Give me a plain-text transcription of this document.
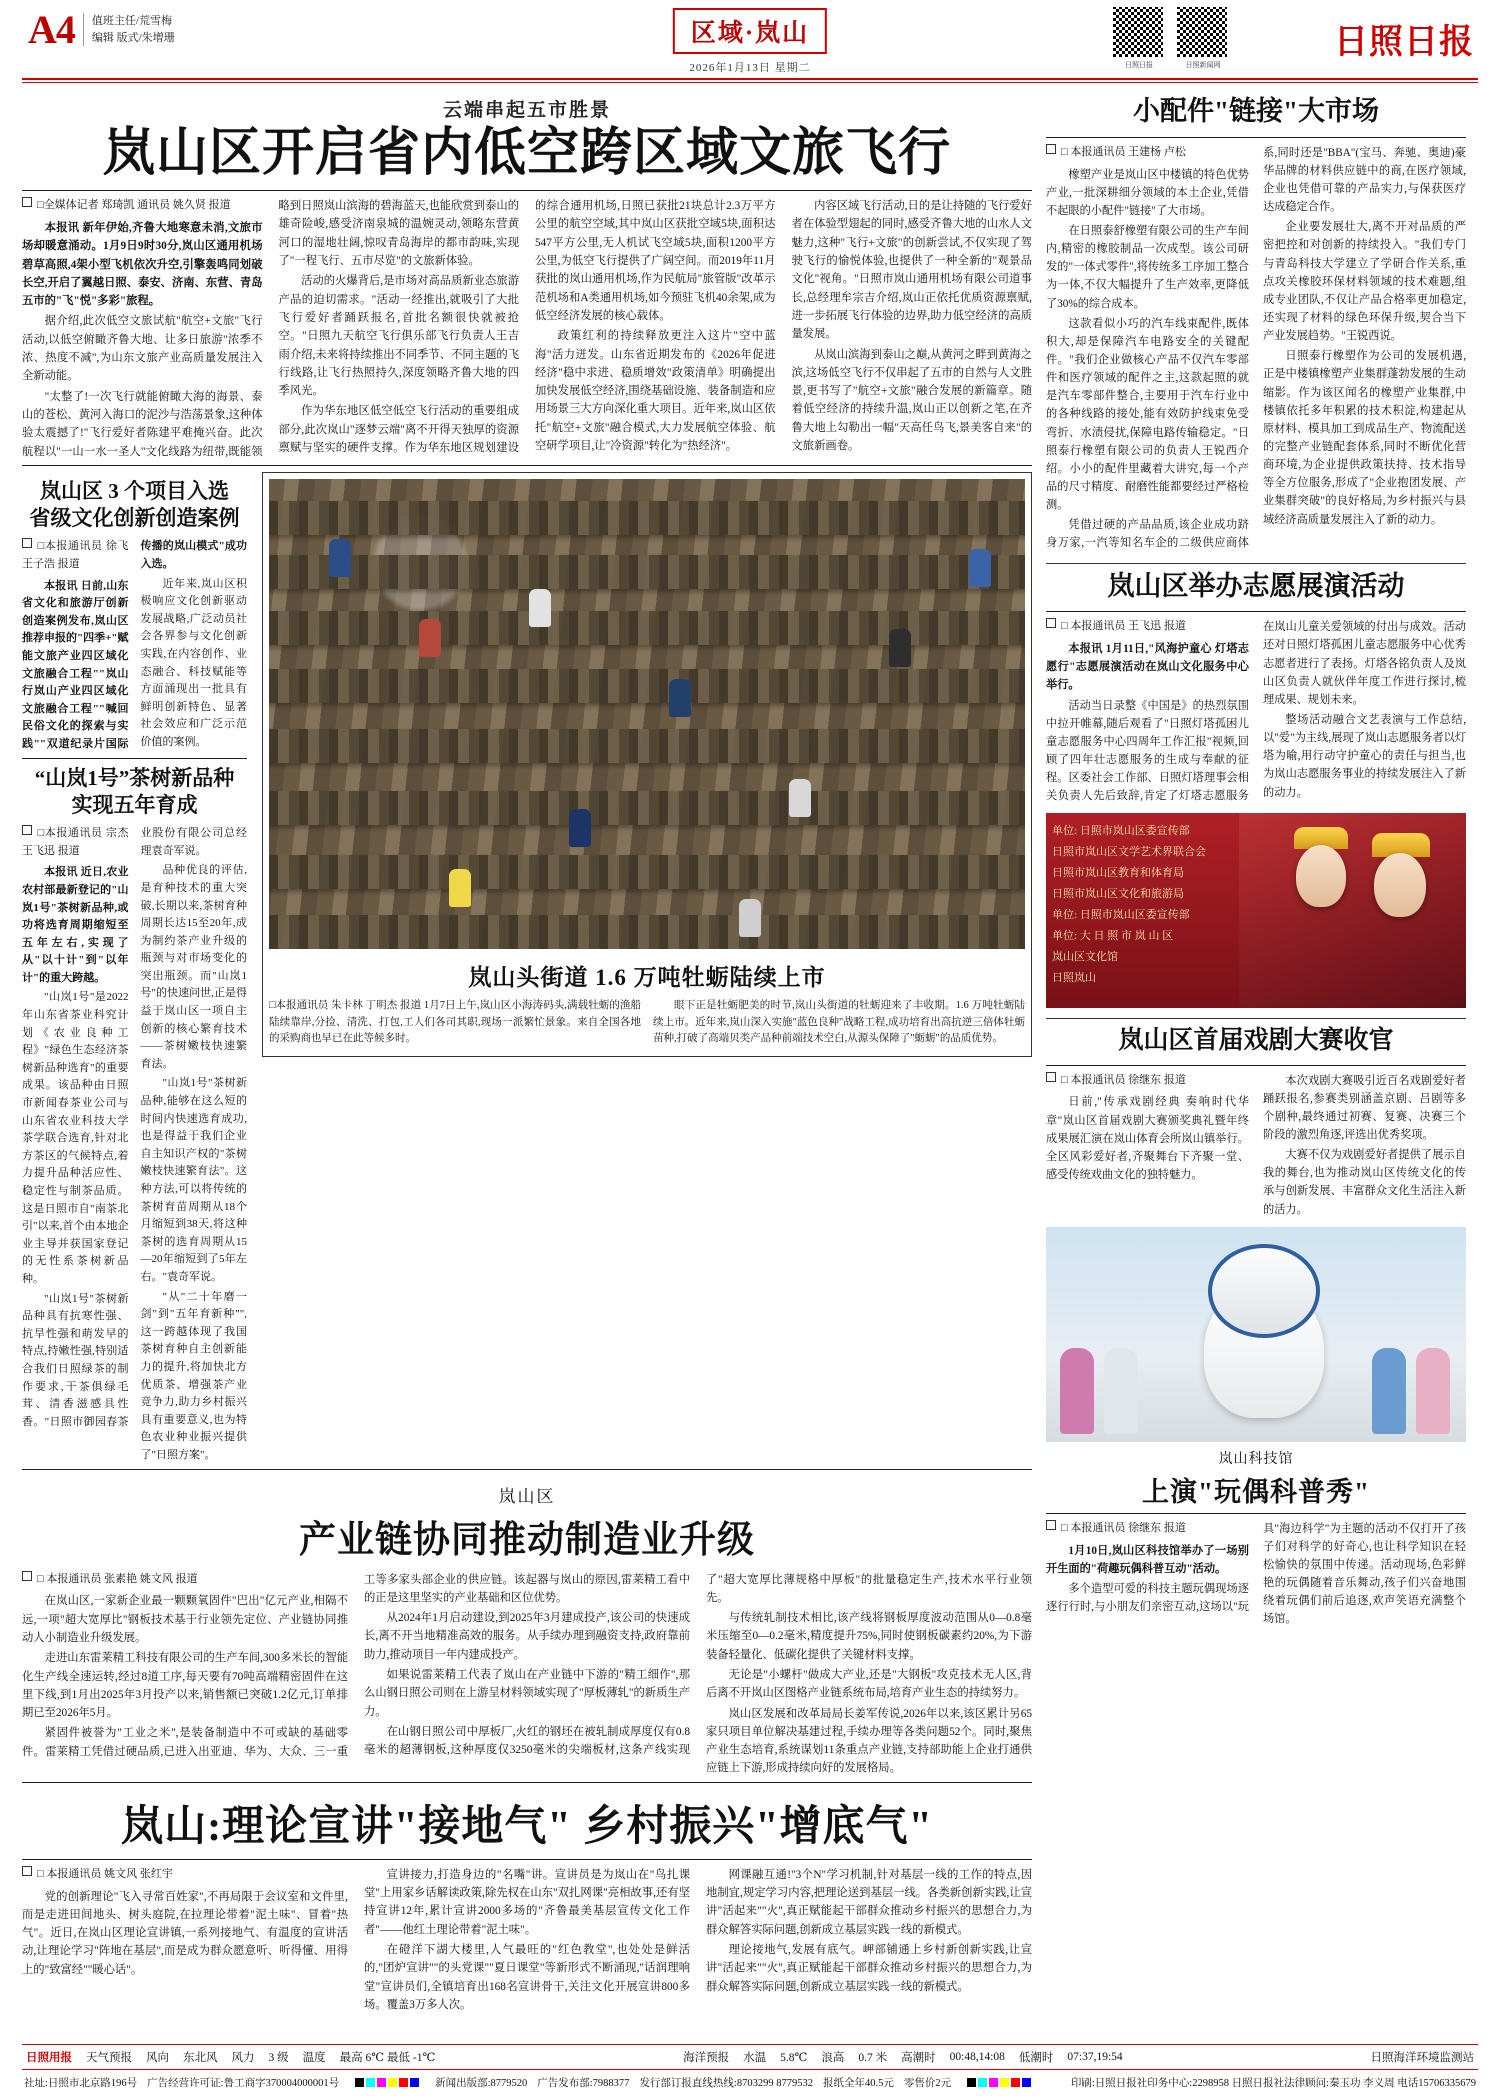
A4 值班主任/荒雪梅
编辑 版式/朱增珊	区域·岚山
2026年1月13日 星期二	日照日报	日照新闻网
日照日报
云端串起五市胜景
岚山区开启省内低空跨区域文旅飞行
□全媒体记者 郑琦凯 通讯员 姚久贤 报道

本报讯 新年伊始,齐鲁大地寒意未消,文旅市场却暖意涌动。1月9日9时30分,岚山区通用机场碧草高照,4架小型飞机依次升空,引擎轰鸣同划破长空,开启了翼越日照、泰安、济南、东营、青岛五市的"飞"悦"多彩"旅程。

据介绍,此次低空文旅试航"航空+文旅"飞行活动,以低空俯瞰齐鲁大地、让多日旅游"浓季不浓、热度不减",为山东文旅产业高质量发展注入全新动能。

"太整了!一次飞行就能俯瞰大海的海景、泰山的苍松、黄河入海口的泥沙与浩荡景象,这种体验太震撼了!"飞行爱好者陈建平难掩兴奋。此次航程以"一山一水一圣人"文化线路为纽带,既能领略到日照岚山滨海的碧海蓝天,也能欣赏到泰山的雄奇险峻,感受济南泉城的温婉灵动,领略东营黄河口的湿地壮阔,惊叹青岛海岸的都市韵味,实现了"一程飞行、五市尽览"的文旅新体验。

活动的火爆背后,是市场对高品质新业态旅游产品的迫切需求。"活动一经推出,就吸引了大批飞行爱好者踊跃报名,首批名额很快就被抢空。"日照九天航空飞行俱乐部飞行负责人王吉雨介绍,未来将持续推出不同季节、不同主题的飞行线路,让飞行热照持久,深度领略齐鲁大地的四季风光。

作为华东地区低空低空飞行活动的重要组成部分,此次岚山"逐梦云端"离不开得天独厚的资源禀赋与坚实的硬件支撑。作为华东地区规划建设的综合通用机场,日照已获批21块总计2.3万平方公里的航空空域,其中岚山区获批空域5块,面积达547平方公里,无人机试飞空域5块,面积1200平方公里,为低空飞行提供了广阔空间。而2019年11月获批的岚山通用机场,作为民航局"旅管版"改革示范机场和A类通用机场,如今预驻飞机40余架,成为低空经济发展的核心载体。

政策红利的持续释放更注入这片"空中蓝海"活力迸发。山东省近期发布的《2026年促进经济"稳中求进、稳质增效"政策清单》明确提出加快发展低空经济,围绕基础设施、装备制造和应用场景三大方向深化重大项目。近年来,岚山区依托"航空+文旅"融合模式,大力发展航空体验、航空研学项目,让"冷资源"转化为"热经济"。

内容区域飞行活动,日的是让持随的飞行爱好者在体验型翅起的同时,感受齐鲁大地的山水人文魅力,这种"飞行+文旅"的创新尝试,不仅实现了驾驶飞行的愉悦体验,也提供了一种全新的"观景品文化"视角。"日照市岚山通用机场有限公司道事长,总经理牟宗吉介绍,岚山正依托优质资源禀赋,进一步拓展飞行体验的边界,助力低空经济的高质量发展。

从岚山滨海到泰山之巅,从黄河之畔到黄海之滨,这场低空飞行不仅串起了五市的自然与人文胜景,更书写了"航空+文旅"融合发展的新篇章。随着低空经济的持续升温,岚山正以创新之笔,在齐鲁大地上勾勒出一幅"天高任鸟飞,景美客自来"的文旅新画卷。

岚山区 3 个项目入选
省级文化创新创造案例
□本报通讯员 徐飞 王子浩 报道

本报讯 日前,山东省文化和旅游厅创新创造案例发布,岚山区推荐申报的"四季+"赋能文旅产业四区域化文旅融合工程""岚山行岚山产业四区域化文旅融合工程""喊回民俗文化的探索与实践""双道纪录片国际传播的岚山模式"成功入选。

近年来,岚山区积极响应文化创新驱动发展战略,广泛动员社会各界参与文化创新实践,在内容创作、业态融合、科技赋能等方面涌现出一批具有鲜明创新特色、显著社会效应和广泛示范价值的案例。

“山岚1号”茶树新品种
实现五年育成
□本报通讯员 宗杰 王飞迅 报道

本报讯 近日,农业农村部最新登记的"山岚1号"茶树新品种,或功将选育周期缩短至五年左右,实现了从"以十计"到"以年计"的重大跨越。

"山岚1号"是2022年山东省茶业科究计划《农业良种工程》"绿色生态经济茶树新品种选育"的重要成果。该品种由日照市新闻春茶业公司与山东省农业科技大学茶学联合选育,针对北方茶区的气候特点,着力提升品种活应性、稳定性与制茶品质。这是日照市自"南茶北引"以来,首个由本地企业主导并获国家登记的无性系茶树新品种。

"山岚1号"茶树新品种具有抗寒性强、抗旱性强和萌发早的特点,持嫩性强,特别适合我们日照绿茶的制作要求,干茶俱绿毛茸、清香滋感具性香。"日照市御园春茶业股份有限公司总经理袁奇军说。

品种优良的评估,是育种技术的重大突破,长期以来,茶树育种周期长达15至20年,成为制约茶产业升级的瓶颈与对市场变化的突出瓶颈。而"山岚1号"的快速问世,正是得益于岚山区一项自主创新的核心繁育技术——茶树嫩枝快速繁育法。

"山岚1号"茶树新品种,能够在这么短的时间内快速选育成功,也是得益于我们企业自主知识产权的"茶树嫩枝快速繁育法"。这种方法,可以将传统的茶树育苗周期从18个月缩短到38天,将这种茶树的选育周期从15—20年缩短到了5年左右。"袁奇军说。

"从"二十年磨一剑"到"五年育新种"",这一跨越体现了我国茶树育种自主创新能力的提升,将加快北方优质茶、增强茶产业竞争力,助力乡村振兴具有重要意义,也为特色农业种业振兴提供了"日照方案"。

岚山头街道 1.6 万吨牡蛎陆续上市

□本报通讯员 朱卡林 丁明杰 报道 1月7日上午,岚山区小海涛码头,满载牡蛎的渔船陆续靠岸,分捡、清洗、打包,工人们各司其职,现场一派繁忙景象。来自全国各地的采购商也早已在此等候多时。

眼下正是牡蛎肥美的时节,岚山头街道的牡蛎迎来了丰收期。1.6 万吨牡蛎陆续上市。近年来,岚山深入实施"蓝色良种"战略工程,成功培育出高抗逆三倍体牡蛎苗种,打破了高端贝类产品种前端技术空白,从源头保障了"蛎蛎"的品质优势。

岚山区
产业链协同推动制造业升级
□ 本报通讯员 张素艳 姚文风 报道

在岚山区,一家新企业最一颗颗氧固件"巴出"亿元产业,相隔不远,一项"超大宽厚比"钢板技术基于行业领先定位、产业链协同推动人小制造业升级发展。

走进山东雷莱精工科技有限公司的生产车间,300多米长的智能化生产线全速运转,经过8道工序,每天要有70吨高端精密固件在这里下线,到1月出2025年3月投产以来,销售额已突破1.2亿元,订单排期已至2026年5月。

紧固件被誉为"工业之米",是装备制造中不可或缺的基础零件。雷莱精工凭借过硬品质,已进入出亚迪、华为、大众、三一重工等多家头部企业的供应链。该起器与岚山的原因,雷莱精工看中的正是这里坚实的产业基础和区位优势。

从2024年1月启动建设,到2025年3月建成投产,该公司的快速成长,离不开当地精准高效的服务。从手续办理到融资支持,政府靠前助力,推动项目一年内建成投产。

如果说雷莱精工代表了岚山在产业链中下游的"精工细作",那么山钢日照公司则在上游呈材料领域实现了"厚板薄轧"的新质生产力。

在山钢日照公司中厚板厂,火红的钢坯在被轧制成厚度仅有0.8毫米的超薄钢板,这种厚度仅3250毫米的尖端板材,这条产线实现了"超大宽厚比薄规格中厚板"的批量稳定生产,技术水平行业领先。

与传统轧制技术相比,该产线将钢板厚度波动范围从0—0.8毫米压缩至0—0.2毫米,精度提升75%,同时使钢板碳素约20%,为下游装备轻量化、低碳化提供了关键材料支撑。

无论是"小螺杆"做成大产业,还是"大钢板"攻克技术无人区,背后离不开岚山区图格产业链系统布局,培育产业生态的持续努力。

岚山区发展和改革局局长姜军传说,2026年以来,该区累计另65家只项目单位解决基建过程,手续办理等各类问题52个。同时,聚焦产业生态培育,系统谋划11条重点产业链,支持部助能上企业打通供应链上下游,形成持续向好的发展格局。

岚山:理论宣讲"接地气" 乡村振兴"增底气"
□ 本报通讯员 姚文风 张红宇

党的创新理论"飞入寻常百姓家",不再局限于会议室和文件里,而是走进田间地头、树头庭院,在拉理论带着"泥土味"、冒着"热气"。近日,在岚山区理论宣讲镇,一系列接地气、有温度的宣讲活动,让理论学习"阵地在基层",而是成为群众愿意听、听得懂、用得上的"致富经""暖心话"。

宣讲接力,打造身边的"名嘴"讲。宣讲员是为岚山在"鸟扎课堂"上用家乡话解读政策,除先权在山东"双扎网课"亮相故事,还有坚持宣讲12年,累计宣讲2000多场的"齐鲁最美基层宣传文化工作者"——他红土理论带着"泥土味"。

在磴洋下湖大楼里,人气最旺的"红色教堂",也处处是鲜活的,"团炉宣讲""的头党课""夏日课堂"等新形式不断涌现,"话润理响堂"宣讲员们,全镇培育出168名宣讲骨干,关注文化开展宣讲800多场。覆盖3万多人次。

网课融互通!"3个N"学习机制,针对基层一线的工作的特点,因地制宜,规定学习内容,把理论送到基层一线。各类新创新实践,让宣讲"活起来""火",真正赋能起干部群众推动乡村振兴的思想合力,为群众解答实际问题,创新成立基层实践一线的新模式。

理论接地气,发展有底气。岬部铺通上乡村新创新实践,让宣讲"活起来""火",真正赋能起干部群众推动乡村振兴的思想合力,为群众解答实际问题,创新成立基层实践一线的新模式。

小配件"链接"大市场
□ 本报通讯员 王建杨 卢松

橡塑产业是岚山区中楼镇的特色优势产业,一批深耕细分领域的本土企业,凭借不起眼的小配件"链接"了大市场。

在日照泰舒橡塑有限公司的生产车间内,精密的橡胶制品一次成型。该公司研发的"一体式零件",将传统多工序加工整合为一体,不仅大幅提升了生产效率,更降低了30%的综合成本。

这款看似小巧的汽车线束配件,既体积大,却是保障汽车电路安全的关键配件。"我们企业做核心产品不仅汽车零部件和医疗领域的配件之主,这款起照的就是汽车零部件整合,主要用于汽车行业中的各种线路的接处,能有效防护线束免受弯折、水渍侵扰,保障电路传输稳定。"日照泰行橡塑有限公司的负责人王锐西介绍。小小的配件里藏着大讲究,每一个产品的尺寸精度、耐磨性能都要经过严格检测。

凭借过硬的产品品质,该企业成功跻身万家,一汽等知名车企的二级供应商体系,同时还是"BBA"(宝马、奔驰、奥迪)豪华品牌的材料供应链中的商,在医疗领域,企业也凭借可靠的产品实力,与保获医疗达成稳定合作。

企业要发展壮大,离不开对品质的严密把控和对创新的持续投入。"我们专门与青岛科技大学建立了学研合作关系,重点攻关橡胶环保材料领域的技术难题,组成专业团队,不仅让产品合格率更加稳定,还实现了材料的绿色环保升级,契合当下产业发展趋势。"王锐西说。

日照泰行橡塑作为公司的发展机遇,正是中楼镇橡塑产业集群蓬勃发展的生动缩影。作为该区闻名的橡塑产业集群,中楼镇依托多年积累的技术积淀,构建起从原材料、模具加工到成品生产、物流配送的完整产业链配套体系,同时不断优化营商环境,为企业提供政策扶持、技术指导等全方位服务,形成了"企业抱团发展、产业集群突破"的良好格局,为乡村振兴与县域经济高质量发展注入了新的动力。

岚山区举办志愿展演活动
□ 本报通讯员 王飞迅 报道

本报讯 1月11日,"风海护童心 灯塔志愿行"志愿展演活动在岚山文化服务中心举行。

活动当日录整《中国是》的热烈氛围中拉开帷幕,随后观看了"日照灯塔孤困儿童志愿服务中心四周年工作汇报"视频,回顾了四年壮志愿服务的生成与奉献的征程。区委社会工作部、日照灯塔理事会相关负责人先后致辞,肯定了灯塔志愿服务在岚山儿童关爱领域的付出与成效。活动还对日照灯塔孤困儿童志愿服务中心优秀志愿者进行了表扬。灯塔各铭负责人及岚山区负责人就伙伴年度工作进行探讨,梳理成果、规划未来。

整场活动融合文艺表演与工作总结,以"爱"为主线,展现了岚山志愿服务者以灯塔为喻,用行动守护童心的责任与担当,也为岚山志愿服务事业的持续发展注入了新的动力。

单位: 日照市岚山区委宣传部
日照市岚山区文学艺术界联合会
日照市岚山区教育和体育局
日照市岚山区文化和旅游局
单位: 日照市岚山区委宣传部
单位: 大 日 照 市 岚 山 区
岚山区文化馆
日照岚山
岚山区首届戏剧大赛收官
□ 本报通讯员 徐继东 报道

日前,"传承戏剧经典 奏响时代华章"岚山区首届戏剧大赛颁奖典礼暨年终成果展汇演在岚山体育会所岚山镇举行。全区风彩爱好者,齐聚舞台下齐聚一堂、感受传统戏曲文化的独特魅力。

本次戏剧大赛吸引近百名戏剧爱好者踊跃报名,参赛类别涵盖京剧、吕剧等多个剧种,最终通过初赛、复赛、决赛三个阶段的激烈角逐,评选出优秀奖项。

大赛不仅为戏剧爱好者提供了展示自我的舞台,也为推动岚山区传统文化的传承与创新发展、丰富群众文化生活注入新的活力。

岚山科技馆
上演"玩偶科普秀"
□ 本报通讯员 徐继东 报道

1月10日,岚山区科技馆举办了一场别开生面的"荷趣玩偶科普互动"活动。

多个造型可爱的科技主题玩偶现场逐逐行行时,与小朋友们亲密互动,这场以"玩具"海边科学"为主题的活动不仅打开了孩子们对科学的好奇心,也让科学知识在轻松愉快的氛围中传递。活动现场,色彩鲜艳的玩偶随着音乐舞动,孩子们兴奋地围绕着玩偶们前后追逐,欢声笑语充满整个场馆。

日照用报 天气预报 风向 东北风 风力 3 级 温度 最高 6℃ 最低 -1℃	海洋预报 水温 5.8℃ 浪高 0.7 米 高潮时 00:48,14:08 低潮时 07:37,19:54	日照海洋环境监测站
社址:日照市北京路196号 广告经营许可证:鲁工商字370004000001号	新闻出版部:8779520 广告发布部:7988377 发行部订报直线热线:8703299 8779532 报纸全年40.5元 零售价2元	印刷:日照日报社印务中心:2298958 日照日报社法律顾问:秦玉功 李义周 电话15706335679
